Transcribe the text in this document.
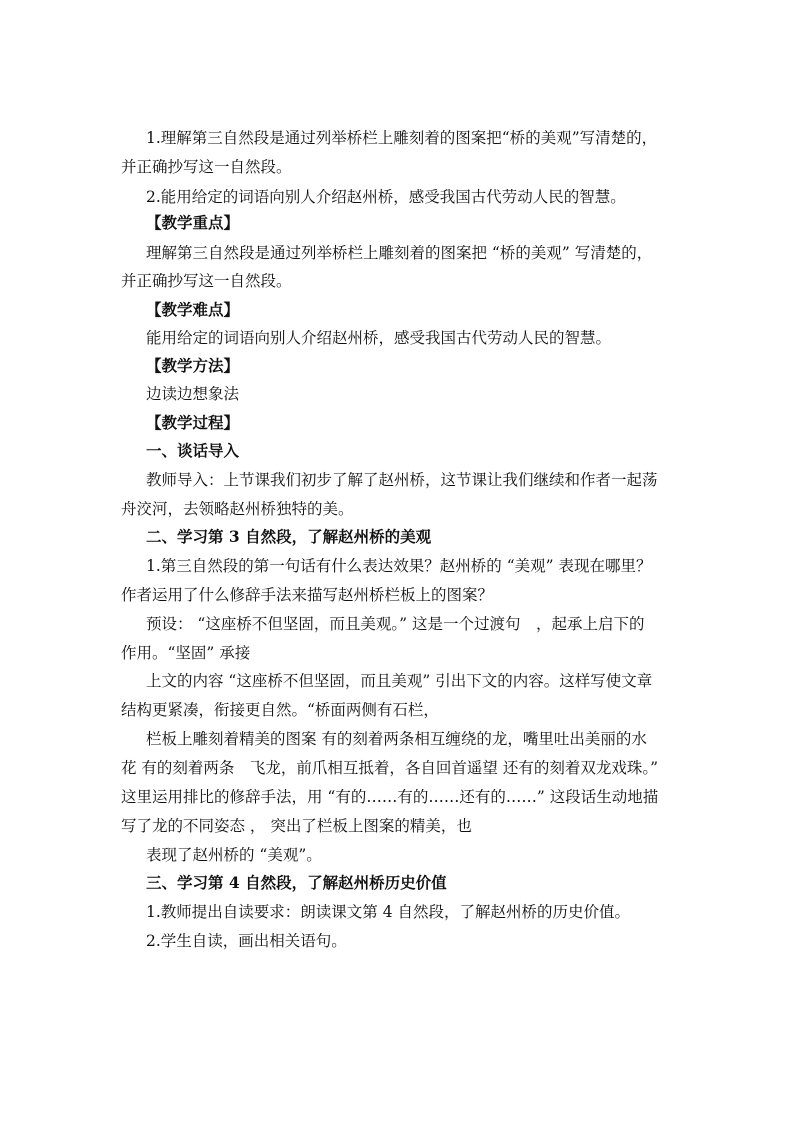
1.理解第三自然段是通过列举桥栏上雕刻着的图案把“桥的美观”写清楚的，
并正确抄写这一自然段。
2.能用给定的词语向别人介绍赵州桥，感受我国古代劳动人民的智慧。
【教学重点】
理解第三自然段是通过列举桥栏上雕刻着的图案把 “桥的美观” 写清楚的，
并正确抄写这一自然段。
【教学难点】
能用给定的词语向别人介绍赵州桥，感受我国古代劳动人民的智慧。
【教学方法】
边读边想象法
【教学过程】
一、谈话导入
教师导入：上节课我们初步了解了赵州桥，这节课让我们继续和作者一起荡
舟洨河，去领略赵州桥独特的美。
二、学习第 3 自然段，了解赵州桥的美观
1.第三自然段的第一句话有什么表达效果？赵州桥的 “美观” 表现在哪里？
作者运用了什么修辞手法来描写赵州桥栏板上的图案？
预设： “这座桥不但坚固，而且美观。” 这是一个过渡句　，起承上启下的
作用。“坚固” 承接
上文的内容 “这座桥不但坚固，而且美观” 引出下文的内容。这样写使文章
结构更紧凑，衔接更自然。“桥面两侧有石栏，
栏板上雕刻着精美的图案 有的刻着两条相互缠绕的龙，嘴里吐出美丽的水
花 有的刻着两条　飞龙，前爪相互抵着，各自回首遥望 还有的刻着双龙戏珠。”
这里运用排比的修辞手法，用 “有的……有的……还有的……” 这段话生动地描
写了龙的不同姿态 ， 突出了栏板上图案的精美，也
表现了赵州桥的 “美观”。
三、学习第 4 自然段，了解赵州桥历史价值
1.教师提出自读要求：朗读课文第 4 自然段，了解赵州桥的历史价值。
2.学生自读，画出相关语句。
